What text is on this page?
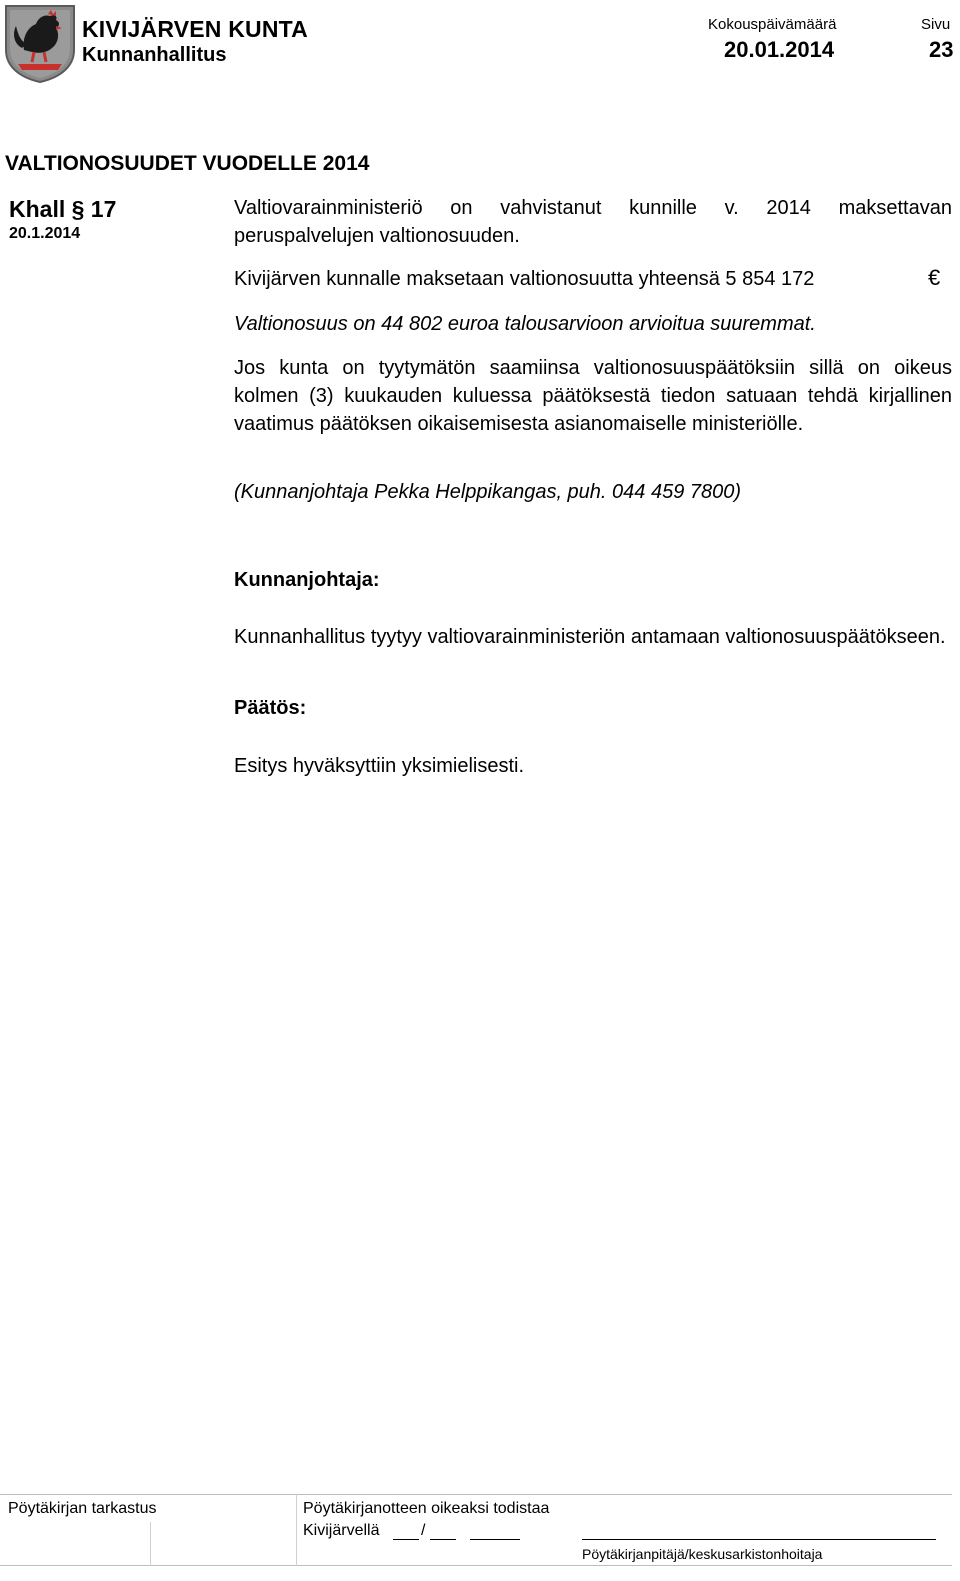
KIVIJÄRVEN KUNTA
Kunnanhallitus
Kokouspäivämäärä
20.01.2014
Sivu
23
VALTIONOSUUDET VUODELLE 2014
Khall § 17
20.1.2014
Valtiovarainministeriö on vahvistanut kunnille v. 2014 maksettavan peruspalvelujen valtionosuuden.
Kivijärven kunnalle maksetaan valtionosuutta yhteensä 5 854 172	€
Valtionosuus on 44 802 euroa talousarvioon arvioitua suuremmat.
Jos kunta on tyytymätön saamiinsa valtionosuuspäätöksiin sillä on oikeus kolmen (3) kuukauden kuluessa päätöksestä tiedon satuaan tehdä kirjallinen vaatimus päätöksen oikaisemisesta asianomaiselle ministeriölle.
(Kunnanjohtaja Pekka Helppikangas, puh. 044 459 7800)
Kunnanjohtaja:
Kunnanhallitus tyytyy valtiovarainministeriön antamaan valtionosuuspäätökseen.
Päätös:
Esitys hyväksyttiin yksimielisesti.
Pöytäkirjan tarkastus	Pöytäkirjanotteen oikeaksi todistaa
Kivijärvellä	/
Pöytäkirjanpitäjä/keskusarkistonhoitaja
